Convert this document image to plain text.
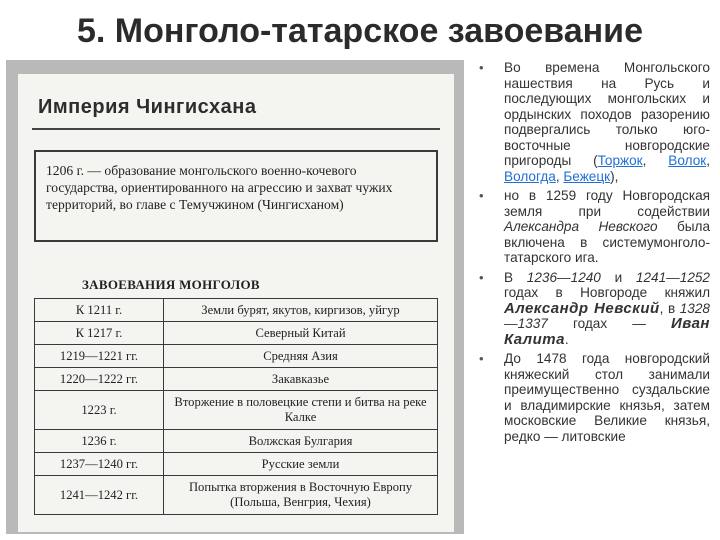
5. Монголо-татарское завоевание
Империя Чингисхана
1206 г. — образование монгольского военно-кочевого государства, ориентированного на агрессию и захват чужих территорий, во главе с Темучжином (Чингисханом)
ЗАВОЕВАНИЯ МОНГОЛОВ
К 1211 г.	Земли бурят, якутов, киргизов, уйгур
К 1217 г.	Северный Китай
1219—1221 гг.	Средняя Азия
1220—1222 гг.	Закавказье
1223 г.	Вторжение в половецкие степи и битва на реке Калке
1236 г.	Волжская Булгария
1237—1240 гг.	Русские земли
1241—1242 гг.	Попытка вторжения в Восточную Европу (Польша, Венгрия, Чехия)
• Во времена Монгольского нашествия на Русь и последующих монгольских и ордынских походов разорению подвергались только юго-восточные новгородские пригороды (Торжок, Волок, Вологда, Бежецк),
• но в 1259 году Новгородская земля при содействии Александра Невского была включена в системумонголо-татарского ига.
• В 1236—1240 и 1241—1252 годах в Новгороде княжил Александр Невский, в 1328—1337 годах — Иван Калита.
• До 1478 года новгородский княжеский стол занимали преимущественно суздальские и владимирские князья, затем московские Великие князья, редко — литовские
